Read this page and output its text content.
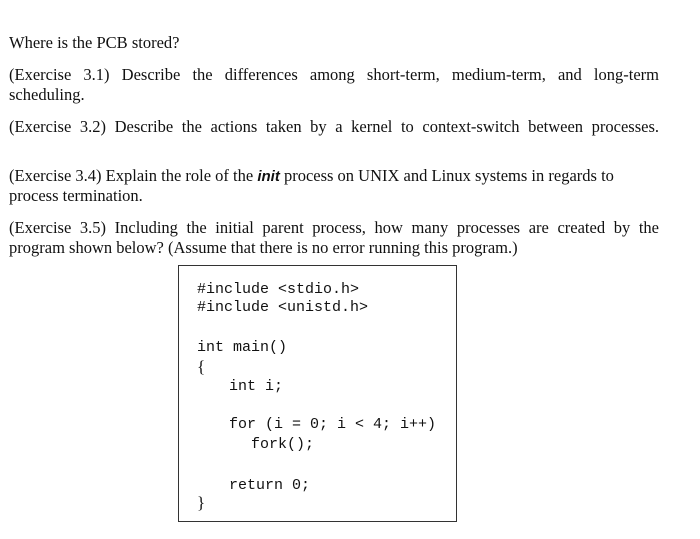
Where is the PCB stored?
(Exercise 3.1) Describe the differences among short-term, medium-term, and long-term
scheduling.
(Exercise 3.2) Describe the actions taken by a kernel to context-switch between processes.
(Exercise 3.4) Explain the role of the init process on UNIX and Linux systems in regards to
process termination.
(Exercise 3.5) Including the initial parent process, how many processes are created by the
program shown below? (Assume that there is no error running this program.)
#include <stdio.h>
#include <unistd.h>
int main()
{
int i;
for (i = 0; i < 4; i++)
fork();
return 0;
}
